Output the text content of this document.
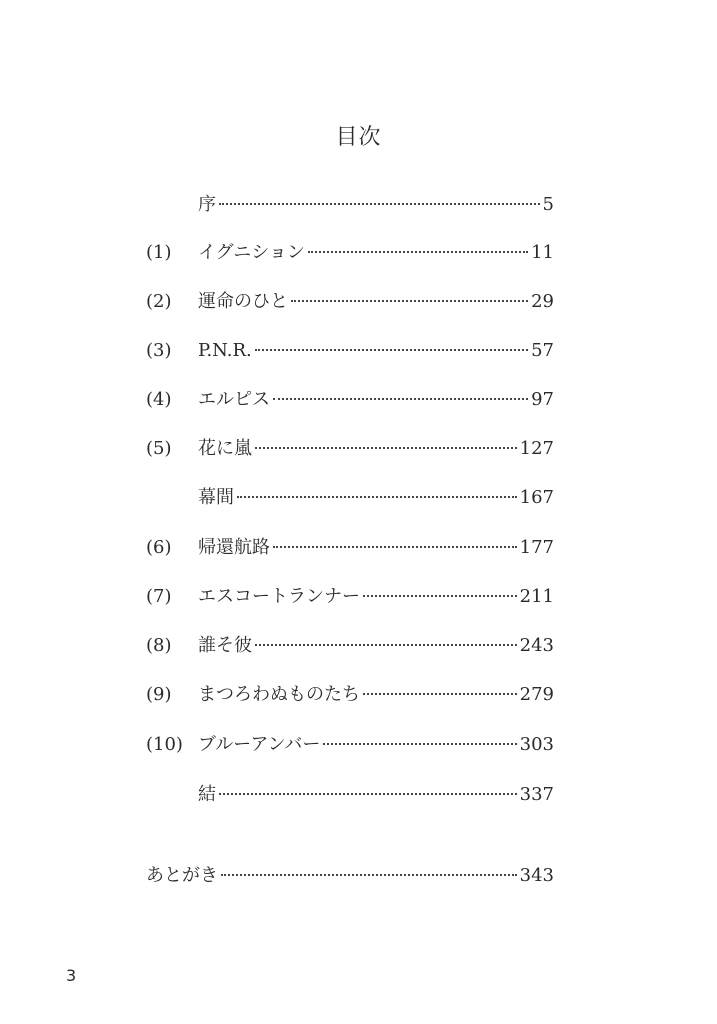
目次
序	5
(1) イグニション	11
(2) 運命のひと	29
(3) P.N.R.	57
(4) エルピス	97
(5) 花に嵐	127
幕間	167
(6) 帰還航路	177
(7) エスコートランナー	211
(8) 誰そ彼	243
(9) まつろわぬものたち	279
(10) ブルーアンバー	303
結	337
あとがき	343
3
